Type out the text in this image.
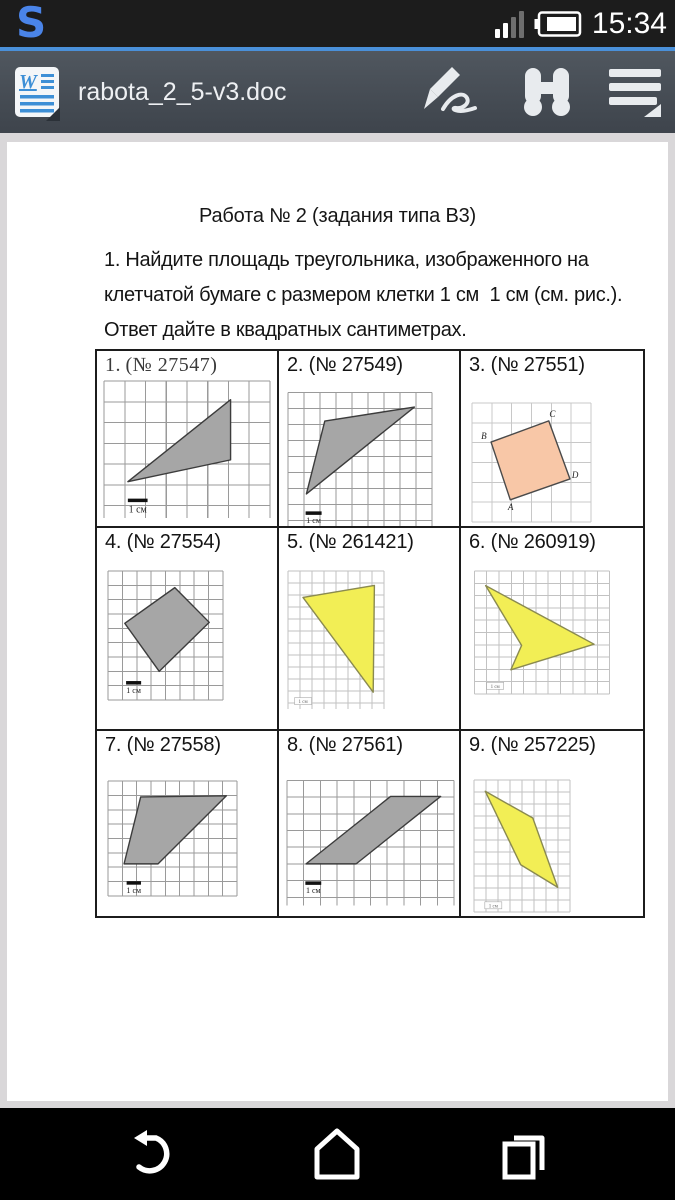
S	15:34
W rabota_2_5-v3.doc
Работа № 2 (задания типа В3)
1. Найдите площадь треугольника, изображенного на
клетчатой бумаге с размером клетки 1 см  1 см (см. рис.).
Ответ дайте в квадратных сантиметрах.
1. (№ 27547)
1 см
2. (№ 27549)
1 см
3. (№ 27551)
B
C
D
A
4. (№ 27554)
1 см
5. (№ 261421)
1 см
6. (№ 260919)
1 см
7. (№ 27558)
1 см
8. (№ 27561)
1 см
9. (№ 257225)
1 см
